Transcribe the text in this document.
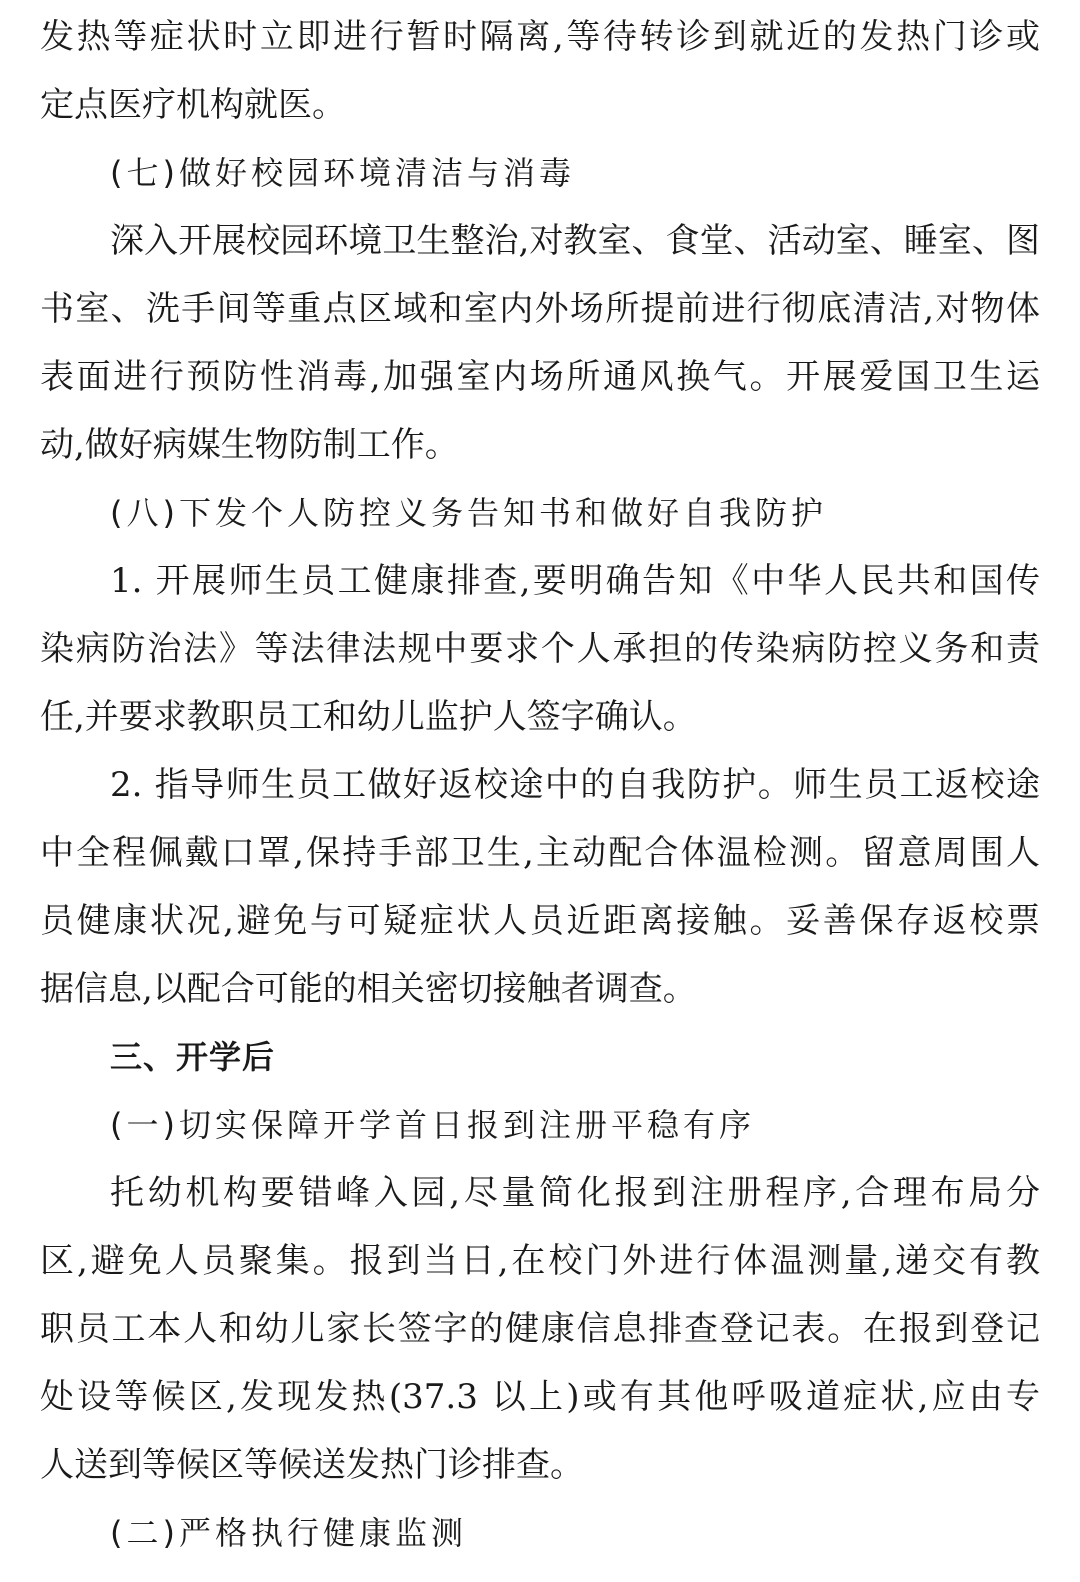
发热等症状时立即进行暂时隔离,等待转诊到就近的发热门诊或
定点医疗机构就医。
(七)做好校园环境清洁与消毒
深入开展校园环境卫生整治,对教室、食堂、活动室、睡室、图
书室、洗手间等重点区域和室内外场所提前进行彻底清洁,对物体
表面进行预防性消毒,加强室内场所通风换气。开展爱国卫生运
动,做好病媒生物防制工作。
(八)下发个人防控义务告知书和做好自我防护
1. 开展师生员工健康排查,要明确告知《中华人民共和国传
染病防治法》等法律法规中要求个人承担的传染病防控义务和责
任,并要求教职员工和幼儿监护人签字确认。
2. 指导师生员工做好返校途中的自我防护。师生员工返校途
中全程佩戴口罩,保持手部卫生,主动配合体温检测。留意周围人
员健康状况,避免与可疑症状人员近距离接触。妥善保存返校票
据信息,以配合可能的相关密切接触者调查。
三、开学后
(一)切实保障开学首日报到注册平稳有序
托幼机构要错峰入园,尽量简化报到注册程序,合理布局分
区,避免人员聚集。报到当日,在校门外进行体温测量,递交有教
职员工本人和幼儿家长签字的健康信息排查登记表。在报到登记
处设等候区,发现发热(37.3 以上)或有其他呼吸道症状,应由专
人送到等候区等候送发热门诊排查。
(二)严格执行健康监测
